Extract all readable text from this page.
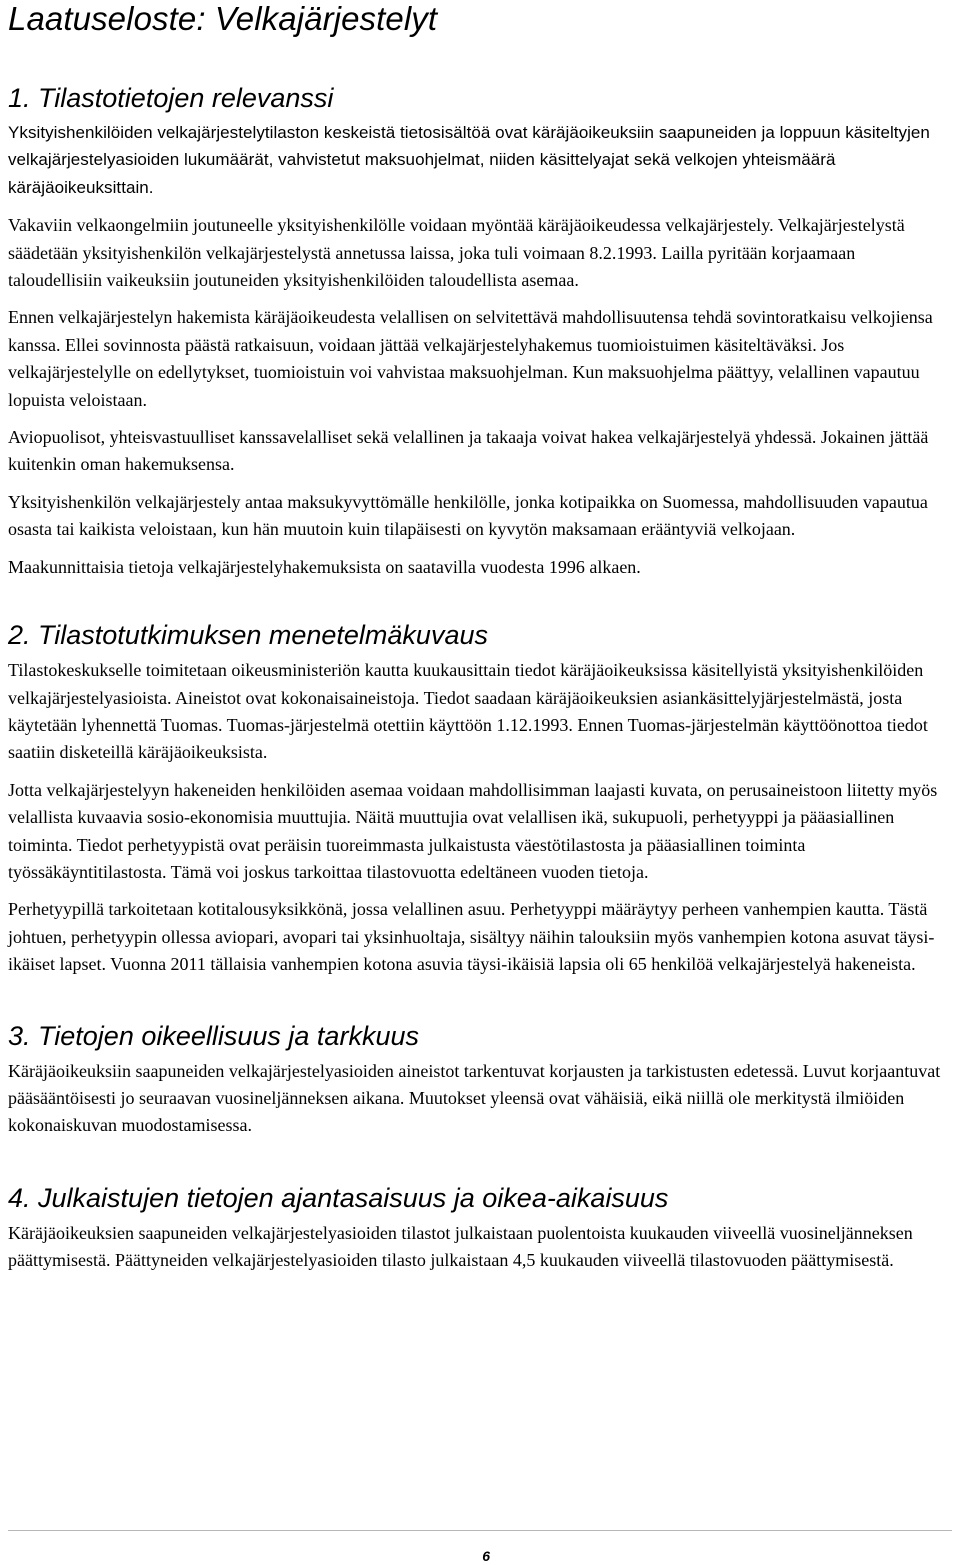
Laatuseloste: Velkajärjestelyt
1. Tilastotietojen relevanssi

Yksityishenkilöiden velkajärjestelytilaston keskeistä tietosisältöä ovat käräjäoikeuksiin saapuneiden ja loppuun käsiteltyjen velkajärjestelyasioiden lukumäärät, vahvistetut maksuohjelmat, niiden käsittelyajat sekä velkojen yhteismäärä käräjäoikeuksittain.

Vakaviin velkaongelmiin joutuneelle yksityishenkilölle voidaan myöntää käräjäoikeudessa velkajärjestely. Velkajärjestelystä säädetään yksityishenkilön velkajärjestelystä annetussa laissa, joka tuli voimaan 8.2.1993. Lailla pyritään korjaamaan taloudellisiin vaikeuksiin joutuneiden yksityishenkilöiden taloudellista asemaa.

Ennen velkajärjestelyn hakemista käräjäoikeudesta velallisen on selvitettävä mahdollisuutensa tehdä sovintoratkaisu velkojiensa kanssa. Ellei sovinnosta päästä ratkaisuun, voidaan jättää velkajärjestelyhakemus tuomioistuimen käsiteltäväksi. Jos velkajärjestelylle on edellytykset, tuomioistuin voi vahvistaa maksuohjelman. Kun maksuohjelma päättyy, velallinen vapautuu lopuista veloistaan.

Aviopuolisot, yhteisvastuulliset kanssavelalliset sekä velallinen ja takaaja voivat hakea velkajärjestelyä yhdessä. Jokainen jättää kuitenkin oman hakemuksensa.

Yksityishenkilön velkajärjestely antaa maksukyvyttömälle henkilölle, jonka kotipaikka on Suomessa, mahdollisuuden vapautua osasta tai kaikista veloistaan, kun hän muutoin kuin tilapäisesti on kyvytön maksamaan erääntyviä velkojaan.

Maakunnittaisia tietoja velkajärjestelyhakemuksista on saatavilla vuodesta 1996 alkaen.

2. Tilastotutkimuksen menetelmäkuvaus

Tilastokeskukselle toimitetaan oikeusministeriön kautta kuukausittain tiedot käräjäoikeuksissa käsitellyistä yksityishenkilöiden velkajärjestelyasioista. Aineistot ovat kokonaisaineistoja. Tiedot saadaan käräjäoikeuksien asiankäsittelyjärjestelmästä, josta käytetään lyhennettä Tuomas. Tuomas-järjestelmä otettiin käyttöön 1.12.1993. Ennen Tuomas-järjestelmän käyttöönottoa tiedot saatiin disketeillä käräjäoikeuksista.

Jotta velkajärjestelyyn hakeneiden henkilöiden asemaa voidaan mahdollisimman laajasti kuvata, on perusaineistoon liitetty myös velallista kuvaavia sosio-ekonomisia muuttujia. Näitä muuttujia ovat velallisen ikä, sukupuoli, perhetyyppi ja pääasiallinen toiminta. Tiedot perhetyypistä ovat peräisin tuoreimmasta julkaistusta väestötilastosta ja pääasiallinen toiminta työssäkäyntitilastosta. Tämä voi joskus tarkoittaa tilastovuotta edeltäneen vuoden tietoja.

Perhetyypillä tarkoitetaan kotitalousyksikkönä, jossa velallinen asuu. Perhetyyppi määräytyy perheen vanhempien kautta. Tästä johtuen, perhetyypin ollessa aviopari, avopari tai yksinhuoltaja, sisältyy näihin talouksiin myös vanhempien kotona asuvat täysi-ikäiset lapset. Vuonna 2011 tällaisia vanhempien kotona asuvia täysi-ikäisiä lapsia oli 65 henkilöä velkajärjestelyä hakeneista.

3. Tietojen oikeellisuus ja tarkkuus

Käräjäoikeuksiin saapuneiden velkajärjestelyasioiden aineistot tarkentuvat korjausten ja tarkistusten edetessä. Luvut korjaantuvat pääsääntöisesti jo seuraavan vuosineljänneksen aikana. Muutokset yleensä ovat vähäisiä, eikä niillä ole merkitystä ilmiöiden kokonaiskuvan muodostamisessa.

4. Julkaistujen tietojen ajantasaisuus ja oikea-aikaisuus

Käräjäoikeuksien saapuneiden velkajärjestelyasioiden tilastot julkaistaan puolentoista kuukauden viiveellä vuosineljänneksen päättymisestä. Päättyneiden velkajärjestelyasioiden tilasto julkaistaan 4,5 kuukauden viiveellä tilastovuoden päättymisestä.

6
